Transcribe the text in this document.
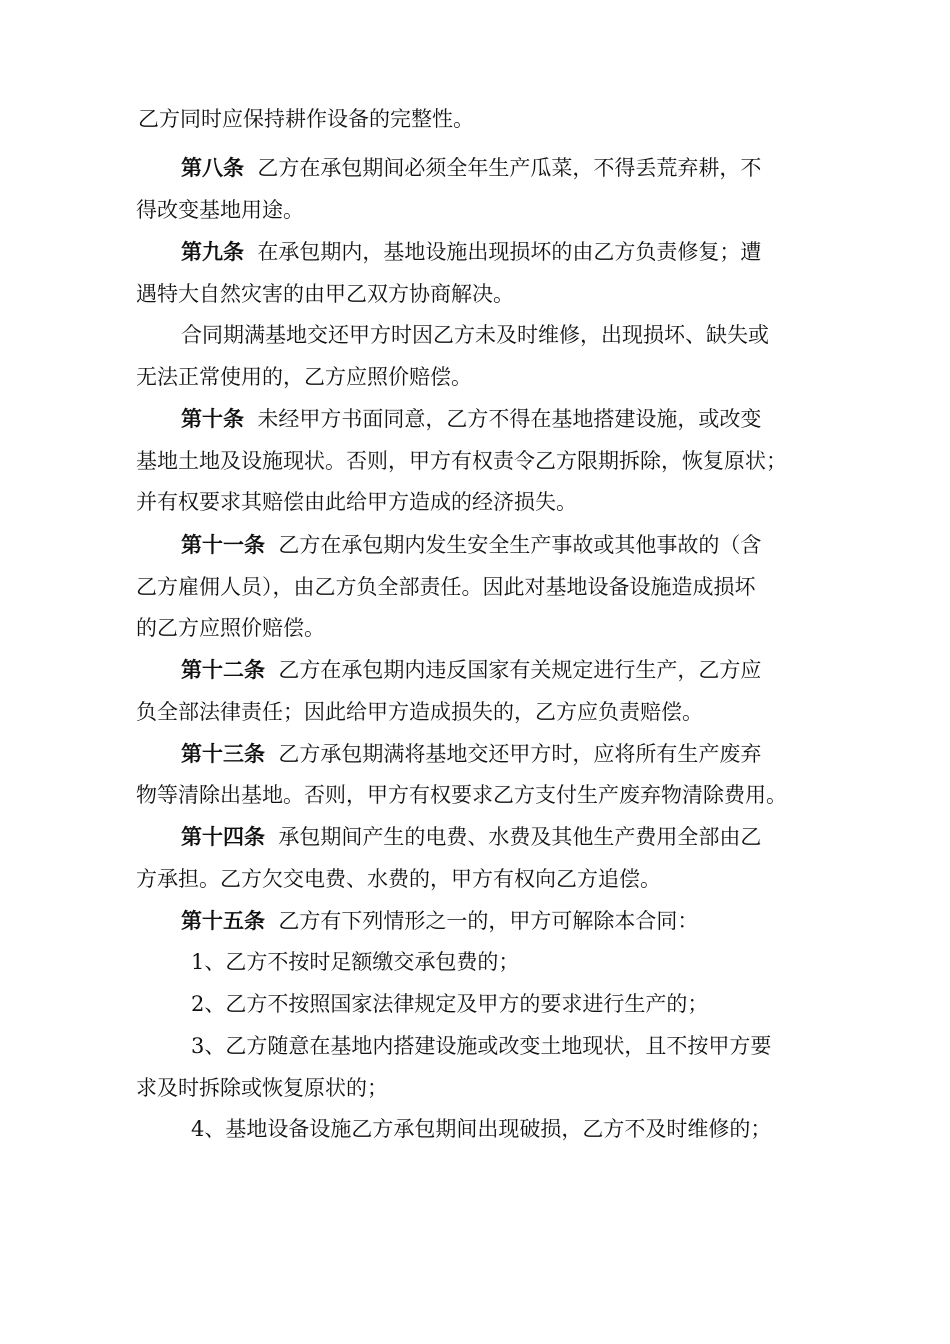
乙方同时应保持耕作设备的完整性。
第八条 乙方在承包期间必须全年生产瓜菜，不得丢荒弃耕，不
得改变基地用途。
第九条 在承包期内，基地设施出现损坏的由乙方负责修复；遭
遇特大自然灾害的由甲乙双方协商解决。
合同期满基地交还甲方时因乙方未及时维修，出现损坏、缺失或
无法正常使用的，乙方应照价赔偿。
第十条 未经甲方书面同意，乙方不得在基地搭建设施，或改变
基地土地及设施现状。否则，甲方有权责令乙方限期拆除，恢复原状；
并有权要求其赔偿由此给甲方造成的经济损失。
第十一条 乙方在承包期内发生安全生产事故或其他事故的（含
乙方雇佣人员），由乙方负全部责任。因此对基地设备设施造成损坏
的乙方应照价赔偿。
第十二条 乙方在承包期内违反国家有关规定进行生产，乙方应
负全部法律责任；因此给甲方造成损失的，乙方应负责赔偿。
第十三条 乙方承包期满将基地交还甲方时，应将所有生产废弃
物等清除出基地。否则，甲方有权要求乙方支付生产废弃物清除费用。
第十四条 承包期间产生的电费、水费及其他生产费用全部由乙
方承担。乙方欠交电费、水费的，甲方有权向乙方追偿。
第十五条 乙方有下列情形之一的，甲方可解除本合同：
1、乙方不按时足额缴交承包费的；
2、乙方不按照国家法律规定及甲方的要求进行生产的；
3、乙方随意在基地内搭建设施或改变土地现状，且不按甲方要
求及时拆除或恢复原状的；
4、基地设备设施乙方承包期间出现破损，乙方不及时维修的；
